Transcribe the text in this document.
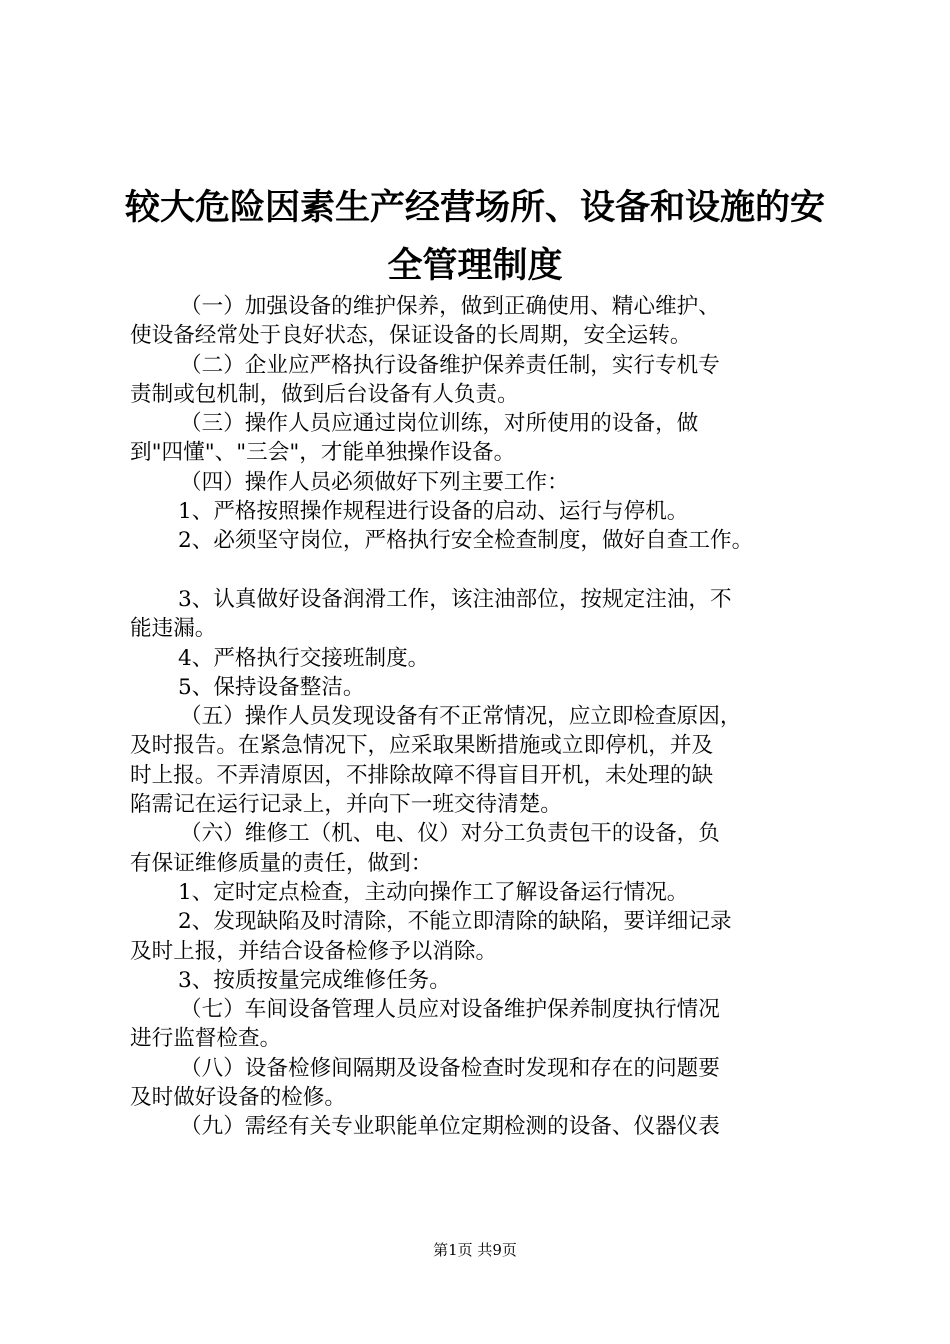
较大危险因素生产经营场所、设备和设施的安
全管理制度
（一）加强设备的维护保养，做到正确使用、精心维护、
使设备经常处于良好状态，保证设备的长周期，安全运转。
（二）企业应严格执行设备维护保养责任制，实行专机专
责制或包机制，做到后台设备有人负责。
（三）操作人员应通过岗位训练，对所使用的设备，做
到"四懂"、"三会"，才能单独操作设备。
（四）操作人员必须做好下列主要工作：
1、严格按照操作规程进行设备的启动、运行与停机。
2、必须坚守岗位，严格执行安全检查制度，做好自查工作。
3、认真做好设备润滑工作，该注油部位，按规定注油，不
能违漏。
4、严格执行交接班制度。
5、保持设备整洁。
（五）操作人员发现设备有不正常情况，应立即检查原因，
及时报告。在紧急情况下，应采取果断措施或立即停机，并及
时上报。不弄清原因，不排除故障不得盲目开机，未处理的缺
陷需记在运行记录上，并向下一班交待清楚。
（六）维修工（机、电、仪）对分工负责包干的设备，负
有保证维修质量的责任，做到：
1、定时定点检查，主动向操作工了解设备运行情况。
2、发现缺陷及时清除，不能立即清除的缺陷，要详细记录
及时上报，并结合设备检修予以消除。
3、按质按量完成维修任务。
（七）车间设备管理人员应对设备维护保养制度执行情况
进行监督检查。
（八）设备检修间隔期及设备检查时发现和存在的问题要
及时做好设备的检修。
（九）需经有关专业职能单位定期检测的设备、仪器仪表
第1页 共9页
